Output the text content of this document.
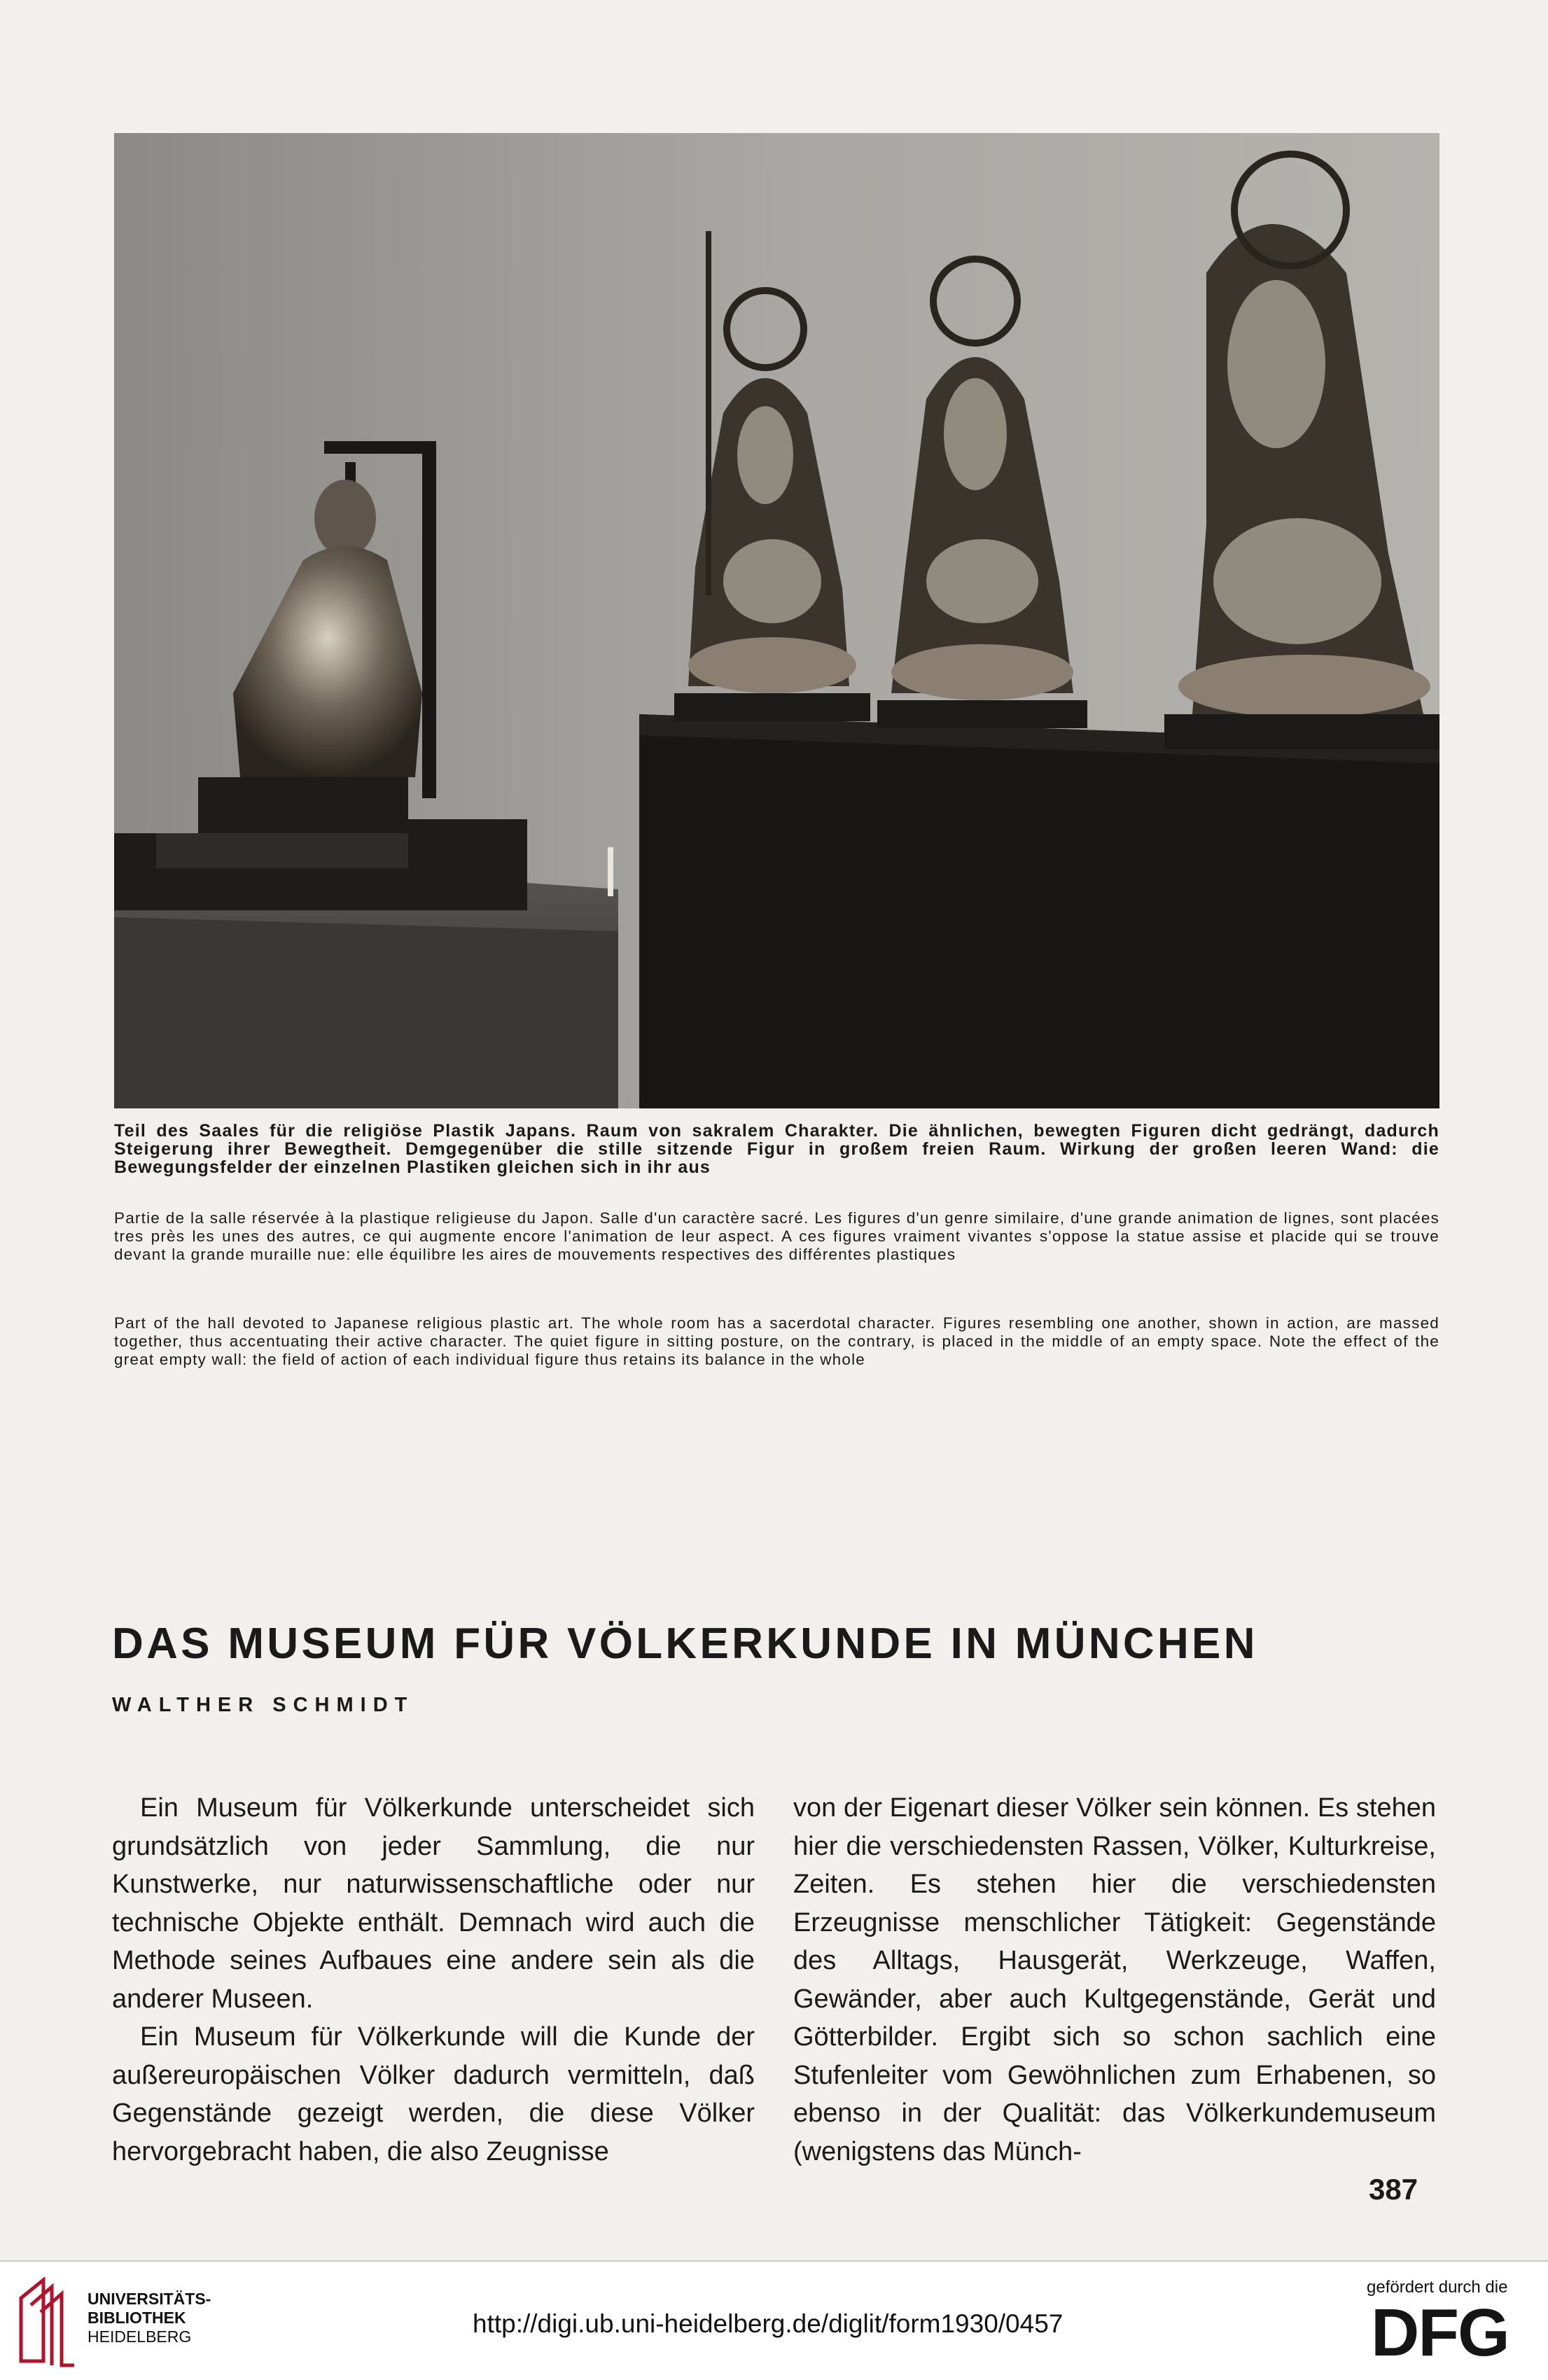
Teil des Saales für die religiöse Plastik Japans. Raum von sakralem Charakter. Die ähnlichen, bewegten Figuren dicht gedrängt, dadurch Steigerung ihrer Bewegtheit. Demgegenüber die stille sitzende Figur in großem freien Raum. Wirkung der großen leeren Wand: die Bewegungsfelder der einzelnen Plastiken gleichen sich in ihr aus
Partie de la salle réservée à la plastique religieuse du Japon. Salle d'un caractère sacré. Les figures d'un genre similaire, d'une grande animation de lignes, sont placées tres près les unes des autres, ce qui augmente encore l'animation de leur aspect. A ces figures vraiment vivantes s'oppose la statue assise et placide qui se trouve devant la grande muraille nue: elle équilibre les aires de mouvements respectives des différentes plastiques
Part of the hall devoted to Japanese religious plastic art. The whole room has a sacerdotal character. Figures resembling one another, shown in action, are massed together, thus accentuating their active character. The quiet figure in sitting posture, on the contrary, is placed in the middle of an empty space. Note the effect of the great empty wall: the field of action of each individual figure thus retains its balance in the whole
DAS MUSEUM FÜR VÖLKERKUNDE IN MÜNCHEN
WALTHER SCHMIDT

Ein Museum für Völkerkunde unterscheidet sich grundsätzlich von jeder Sammlung, die nur Kunstwerke, nur naturwissenschaftliche oder nur technische Objekte enthält. Demnach wird auch die Methode seines Aufbaues eine andere sein als die anderer Museen.

Ein Museum für Völkerkunde will die Kunde der außereuropäischen Völker dadurch vermitteln, daß Gegenstände gezeigt werden, die diese Völker hervorgebracht haben, die also Zeugnisse

von der Eigenart dieser Völker sein können. Es stehen hier die verschiedensten Rassen, Völker, Kulturkreise, Zeiten. Es stehen hier die verschiedensten Erzeugnisse menschlicher Tätigkeit: Gegenstände des Alltags, Hausgerät, Werkzeuge, Waffen, Gewänder, aber auch Kultgegenstände, Gerät und Götterbilder. Ergibt sich so schon sachlich eine Stufenleiter vom Gewöhnlichen zum Erhabenen, so ebenso in der Qualität: das Völkerkundemuseum (wenigstens das Münch-

387
UNIVERSITÄTS-
BIBLIOTHEK
HEIDELBERG	http://digi.ub.uni-heidelberg.de/diglit/form1930/0457
gefördert durch die
DFG
